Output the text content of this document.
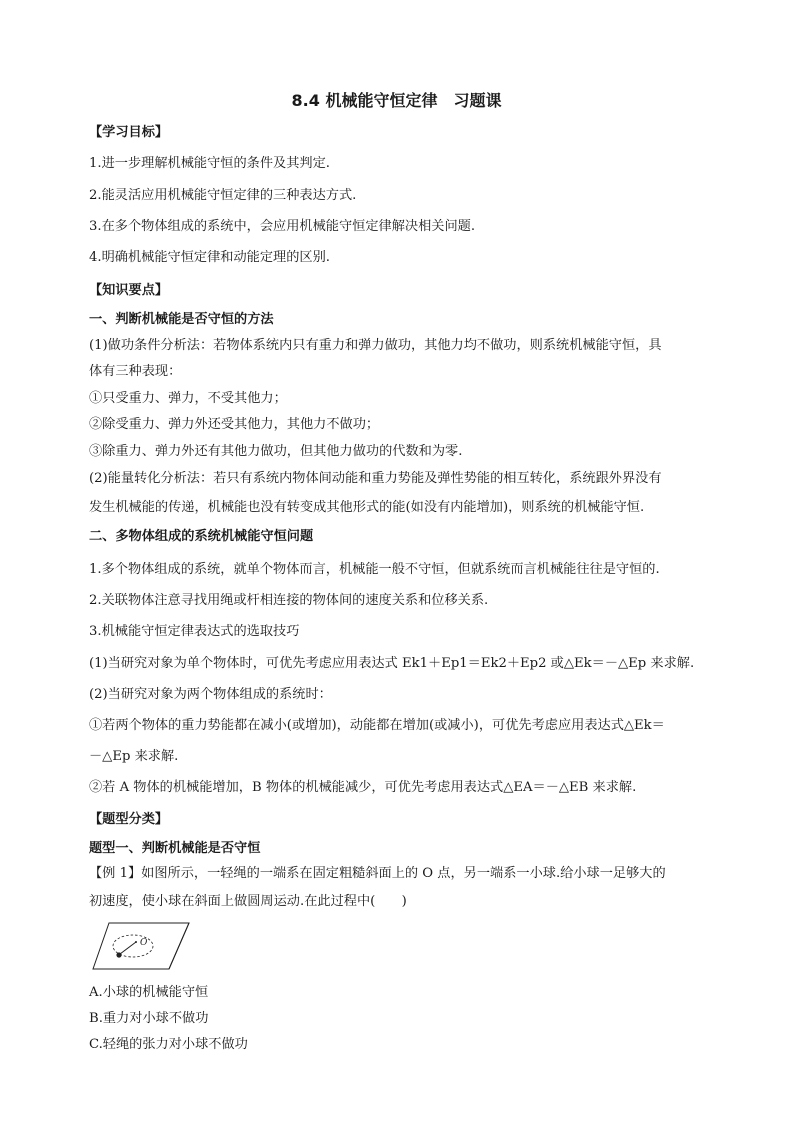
8.4 机械能守恒定律　习题课
【学习目标】
1.进一步理解机械能守恒的条件及其判定.
2.能灵活应用机械能守恒定律的三种表达方式.
3.在多个物体组成的系统中，会应用机械能守恒定律解决相关问题.
4.明确机械能守恒定律和动能定理的区别.
【知识要点】
一、判断机械能是否守恒的方法
(1)做功条件分析法：若物体系统内只有重力和弹力做功，其他力均不做功，则系统机械能守恒，具
体有三种表现：
①只受重力、弹力，不受其他力；
②除受重力、弹力外还受其他力，其他力不做功；
③除重力、弹力外还有其他力做功，但其他力做功的代数和为零.
(2)能量转化分析法：若只有系统内物体间动能和重力势能及弹性势能的相互转化，系统跟外界没有
发生机械能的传递，机械能也没有转变成其他形式的能(如没有内能增加)，则系统的机械能守恒.
二、多物体组成的系统机械能守恒问题
1.多个物体组成的系统，就单个物体而言，机械能一般不守恒，但就系统而言机械能往往是守恒的.
2.关联物体注意寻找用绳或杆相连接的物体间的速度关系和位移关系.
3.机械能守恒定律表达式的选取技巧
(1)当研究对象为单个物体时，可优先考虑应用表达式 Ek1＋Ep1＝Ek2＋Ep2 或△Ek＝－△Ep 来求解.
(2)当研究对象为两个物体组成的系统时：
①若两个物体的重力势能都在减小(或增加)，动能都在增加(或减小)，可优先考虑应用表达式△Ek＝
－△Ep 来求解.
②若 A 物体的机械能增加，B 物体的机械能减少，可优先考虑用表达式△EA＝－△EB 来求解.
【题型分类】
题型一、判断机械能是否守恒
【例 1】如图所示，一轻绳的一端系在固定粗糙斜面上的 O 点，另一端系一小球.给小球一足够大的
初速度，使小球在斜面上做圆周运动.在此过程中(　　)
O
A.小球的机械能守恒
B.重力对小球不做功
C.轻绳的张力对小球不做功
